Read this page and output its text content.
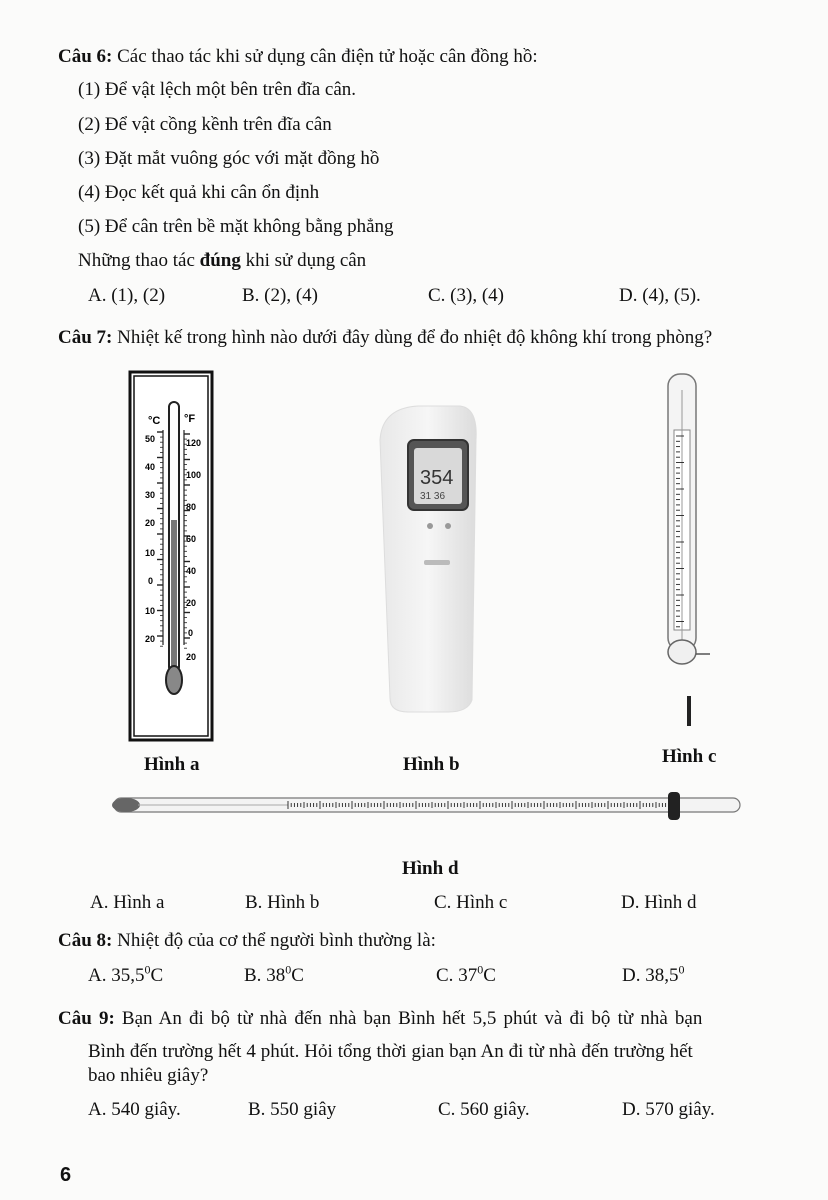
Câu 6: Các thao tác khi sử dụng cân điện tử hoặc cân đồng hồ:
(1) Để vật lệch một bên trên đĩa cân.
(2) Để vật cồng kềnh trên đĩa cân
(3) Đặt mắt vuông góc với mặt đồng hồ
(4) Đọc kết quả khi cân ổn định
(5) Để cân trên bề mặt không bằng phẳng
Những thao tác đúng khi sử dụng cân
A. (1), (2)	B. (2), (4)	C. (3), (4)	D. (4), (5).
Câu 7: Nhiệt kế trong hình nào dưới đây dùng để đo nhiệt độ không khí trong phòng?
°C °F
50
40
30
20
10
0
10
20
120
100
80
60
40
20
0
20
354
31 36
Hình a	Hình b	Hình c
Hình d
A. Hình a	B. Hình b	C. Hình c	D. Hình d
Câu 8: Nhiệt độ của cơ thể người bình thường là:
A. 35,5$^0$C	B. $38^0C$	C. $37^0C$	D. 38,5$^0$
Câu 9: Bạn An đi bộ từ nhà đến nhà bạn Bình hết 5,5 phút và đi bộ từ nhà bạn
Bình đến trường hết 4 phút. Hỏi tổng thời gian bạn An đi từ nhà đến trường hết
bao nhiêu giây?
A. 540 giây.	B. 550 giây	C. 560 giây.	D. 570 giây.
6
